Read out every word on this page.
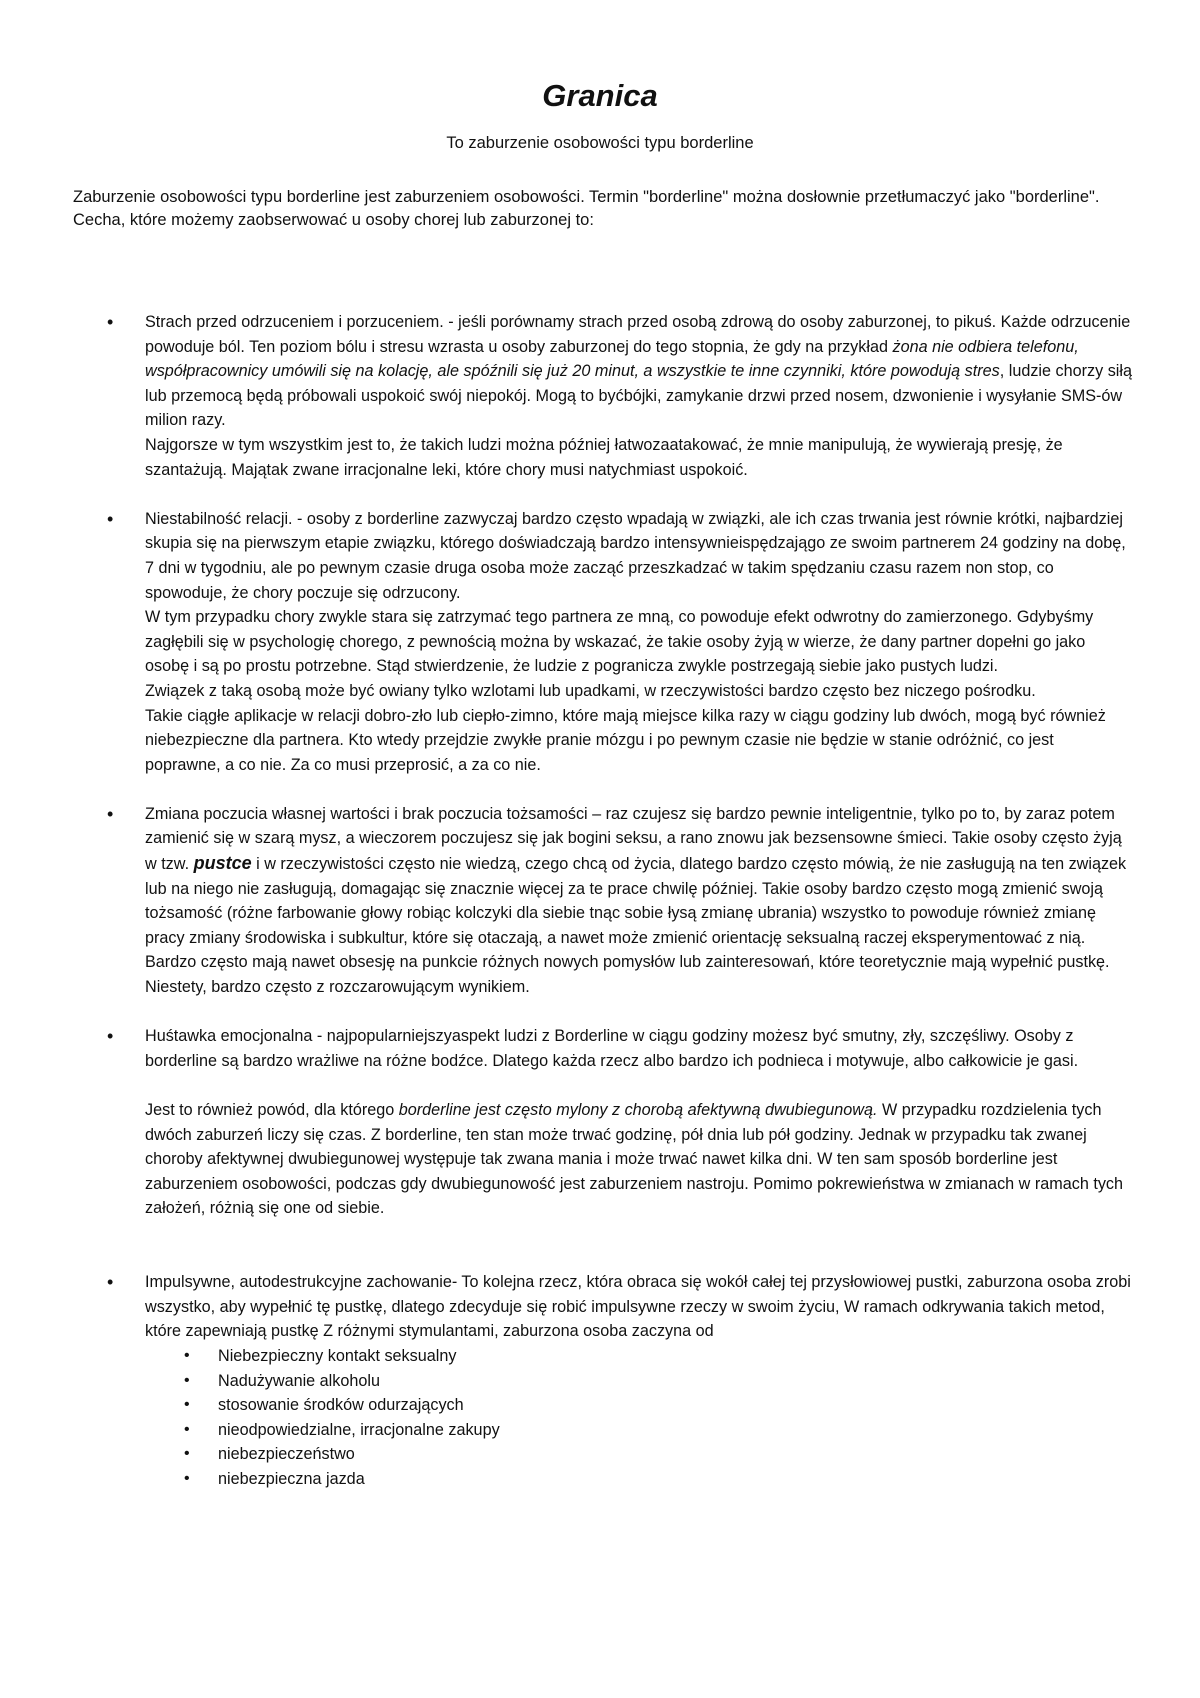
Granica

To zaburzenie osobowości typu borderline

Zaburzenie osobowości typu borderline jest zaburzeniem osobowości. Termin "borderline" można dosłownie przetłumaczyć jako "borderline".

Cecha, które możemy zaobserwować u osoby chorej lub zaburzonej to:

• Strach przed odrzuceniem i porzuceniem. - jeśli porównamy strach przed osobą zdrową do osoby zaburzonej, to pikuś. Każde odrzucenie powoduje ból. Ten poziom bólu i stresu wzrasta u osoby zaburzonej do tego stopnia, że gdy na przykład żona nie odbiera telefonu, współpracownicy umówili się na kolację, ale spóźnili się już 20 minut, a wszystkie te inne czynniki, które powodują stres, ludzie chorzy siłą lub przemocą będą próbowali uspokoić swój niepokój. Mogą to byćbójki, zamykanie drzwi przed nosem, dzwonienie i wysyłanie SMS-ów milion razy.

Najgorsze w tym wszystkim jest to, że takich ludzi można później łatwozaatakować, że mnie manipulują, że wywierają presję, że szantażują. Majątak zwane irracjonalne leki, które chory musi natychmiast uspokoić.

• Niestabilność relacji. - osoby z borderline zazwyczaj bardzo często wpadają w związki, ale ich czas trwania jest równie krótki, najbardziej skupia się na pierwszym etapie związku, którego doświadczają bardzo intensywnieispędzajągo ze swoim partnerem 24 godziny na dobę, 7 dni w tygodniu, ale po pewnym czasie druga osoba może zacząć przeszkadzać w takim spędzaniu czasu razem non stop, co spowoduje, że chory poczuje się odrzucony.

W tym przypadku chory zwykle stara się zatrzymać tego partnera ze mną, co powoduje efekt odwrotny do zamierzonego. Gdybyśmy zagłębili się w psychologię chorego, z pewnością można by wskazać, że takie osoby żyją w wierze, że dany partner dopełni go jako osobę i są po prostu potrzebne. Stąd stwierdzenie, że ludzie z pogranicza zwykle postrzegają siebie jako pustych ludzi.

Związek z taką osobą może być owiany tylko wzlotami lub upadkami, w rzeczywistości bardzo często bez niczego pośrodku.

Takie ciągłe aplikacje w relacji dobro-zło lub ciepło-zimno, które mają miejsce kilka razy w ciągu godziny lub dwóch, mogą być również niebezpieczne dla partnera. Kto wtedy przejdzie zwykłe pranie mózgu i po pewnym czasie nie będzie w stanie odróżnić, co jest poprawne, a co nie. Za co musi przeprosić, a za co nie.

• Zmiana poczucia własnej wartości i brak poczucia tożsamości – raz czujesz się bardzo pewnie inteligentnie, tylko po to, by zaraz potem zamienić się w szarą mysz, a wieczorem poczujesz się jak bogini seksu, a rano znowu jak bezsensowne śmieci. Takie osoby często żyją w tzw. pustce i w rzeczywistości często nie wiedzą, czego chcą od życia, dlatego bardzo często mówią, że nie zasługują na ten związek lub na niego nie zasługują, domagając się znacznie więcej za te prace chwilę później. Takie osoby bardzo często mogą zmienić swoją tożsamość (różne farbowanie głowy robiąc kolczyki dla siebie tnąc sobie łysą zmianę ubrania) wszystko to powoduje również zmianę pracy zmiany środowiska i subkultur, które się otaczają, a nawet może zmienić orientację seksualną raczej eksperymentować z nią. Bardzo często mają nawet obsesję na punkcie różnych nowych pomysłów lub zainteresowań, które teoretycznie mają wypełnić pustkę. Niestety, bardzo często z rozczarowującym wynikiem.

• Huśtawka emocjonalna - najpopularniejszyaspekt ludzi z Borderline w ciągu godziny możesz być smutny, zły, szczęśliwy. Osoby z borderline są bardzo wrażliwe na różne bodźce. Dlatego każda rzecz albo bardzo ich podnieca i motywuje, albo całkowicie je gasi.

Jest to również powód, dla którego borderline jest często mylony z chorobą afektywną dwubiegunową. W przypadku rozdzielenia tych dwóch zaburzeń liczy się czas. Z borderline, ten stan może trwać godzinę, pół dnia lub pół godziny. Jednak w przypadku tak zwanej choroby afektywnej dwubiegunowej występuje tak zwana mania i może trwać nawet kilka dni. W ten sam sposób borderline jest zaburzeniem osobowości, podczas gdy dwubiegunowość jest zaburzeniem nastroju. Pomimo pokrewieństwa w zmianach w ramach tych założeń, różnią się one od siebie.

• Impulsywne, autodestrukcyjne zachowanie- To kolejna rzecz, która obraca się wokół całej tej przysłowiowej pustki, zaburzona osoba zrobi wszystko, aby wypełnić tę pustkę, dlatego zdecyduje się robić impulsywne rzeczy w swoim życiu, W ramach odkrywania takich metod, które zapewniają pustkę Z różnymi stymulantami, zaburzona osoba zaczyna od

• Niebezpieczny kontakt seksualny
• Nadużywanie alkoholu
• stosowanie środków odurzających
• nieodpowiedzialne, irracjonalne zakupy
• niebezpieczeństwo
• niebezpieczna jazda
